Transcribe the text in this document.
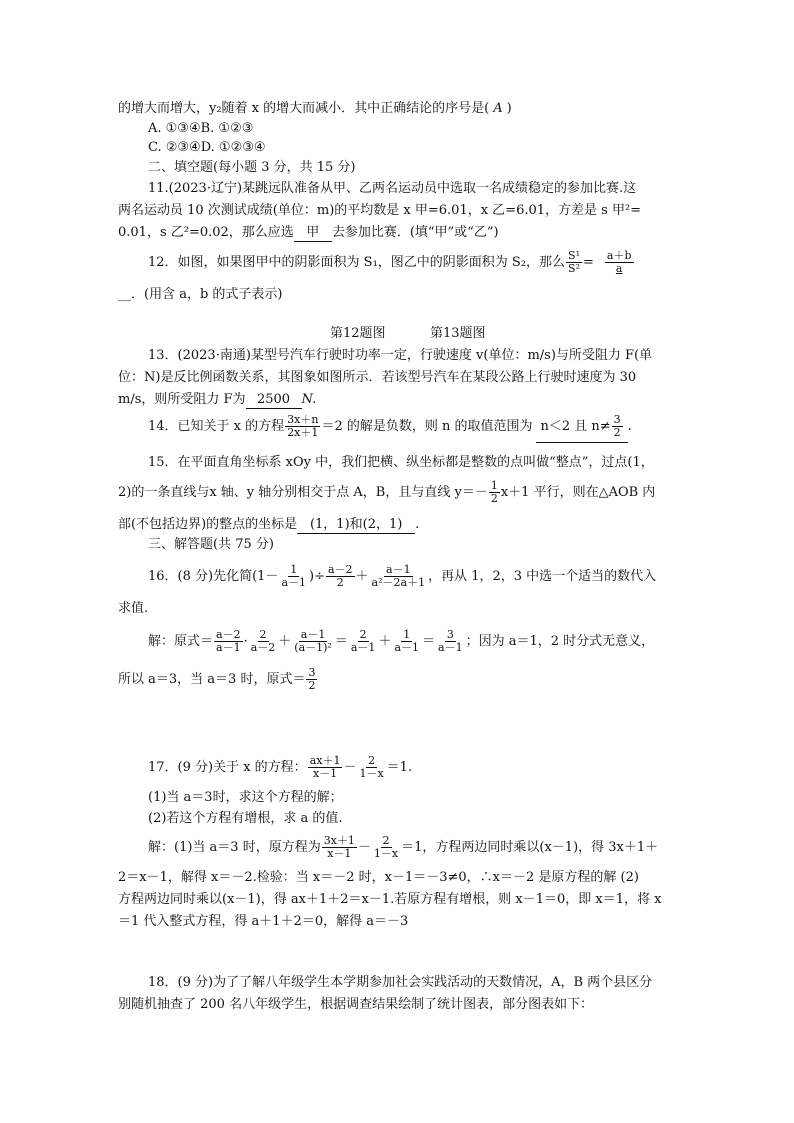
的增大而增大，y₂随着 x 的增大而减小．其中正确结论的序号是( A )
A. ①③④B. ①②③
C. ②③④D. ①②③④
二、填空题(每小题 3 分，共 15 分)
11.(2023·辽宁)某跳远队准备从甲、乙两名运动员中选取一名成绩稳定的参加比赛.这
两名运动员 10 次测试成绩(单位：m)的平均数是 x 甲=6.01，x 乙=6.01，方差是 s 甲²=
0.01，s 乙²=0.02，那么应选 甲 去参加比赛．(填“甲”或“乙”)
12．如图，如果图甲中的阴影面积为 S₁，图乙中的阴影面积为 S₂，那么 $\frac{\text{S¹}}{\text{S²}} = \frac{a+b}{a}$
__．(用含 a，b 的式子表示)
第12题图	第13题图
13．(2023·南通)某型号汽车行驶时功率一定，行驶速度 v(单位：m/s)与所受阻力 F(单
位：N)是反比例函数关系，其图象如图所示．若该型号汽车在某段公路上行驶时速度为 30
m/s，则所受阻力 F为 2500 N.
14．已知关于 x 的方程 $\frac{3x+n}{2x+1} =2$ 的解是负数，则 n 的取值范围为 n＜2 且 $n\ne \frac{3}{2}$ .
15．在平面直角坐标系 xOy 中，我们把横、纵坐标都是整数的点叫做“整点”，过点(1，
2)的一条直线与x 轴、y 轴分别相交于点 A，B，且与直线 $y=- \frac{1}{2} x+1$ 平行，则在△AOB 内
部(不包括边界)的整点的坐标是 (1，1)和(2，1) .
三、解答题(共 75 分)
16．(8 分)先化简($1- \frac{1}{a-1}$ )÷ $\frac{a-2}{2} + \frac{a-1}{\text{a²－2a＋1}}$ ，再从 1，2，3 中选一个适当的数代入
求值.
解：原式＝ $\frac{a-2}{a-1} \cdot \frac{2}{a-2} + \frac{a-1}{\text{(a－1)²}} = \frac{2}{a-1} + \frac{1}{a-1} = \frac{3}{a-1}$ ；因为 a＝1，2 时分式无意义，
所以 a＝3，当 a＝3 时，原式＝ $\frac{3}{2}$
17．(9 分)关于 x 的方程： $\frac{ax+1}{x-1} - \frac{2}{1-x} =1$.
(1)当 a＝3时，求这个方程的解；
(2)若这个方程有增根，求 a 的值.
解：(1)当 a＝3 时，原方程为 $\frac{3x+1}{x-1} - \frac{2}{1-x} =1$，方程两边同时乘以(x－1)，得 3x＋1＋
2＝x－1，解得 x＝－2.检验：当 x＝－2 时，x－1＝－3≠0，∴x＝－2 是原方程的解 (2)
方程两边同时乘以(x－1)，得 ax＋1＋2＝x－1.若原方程有增根，则 x－1＝0，即 x＝1，将 x
＝1 代入整式方程，得 a＋1＋2＝0，解得 a＝－3
18．(9 分)为了了解八年级学生本学期参加社会实践活动的天数情况，A，B 两个县区分
别随机抽查了 200 名八年级学生，根据调查结果绘制了统计图表，部分图表如下：
